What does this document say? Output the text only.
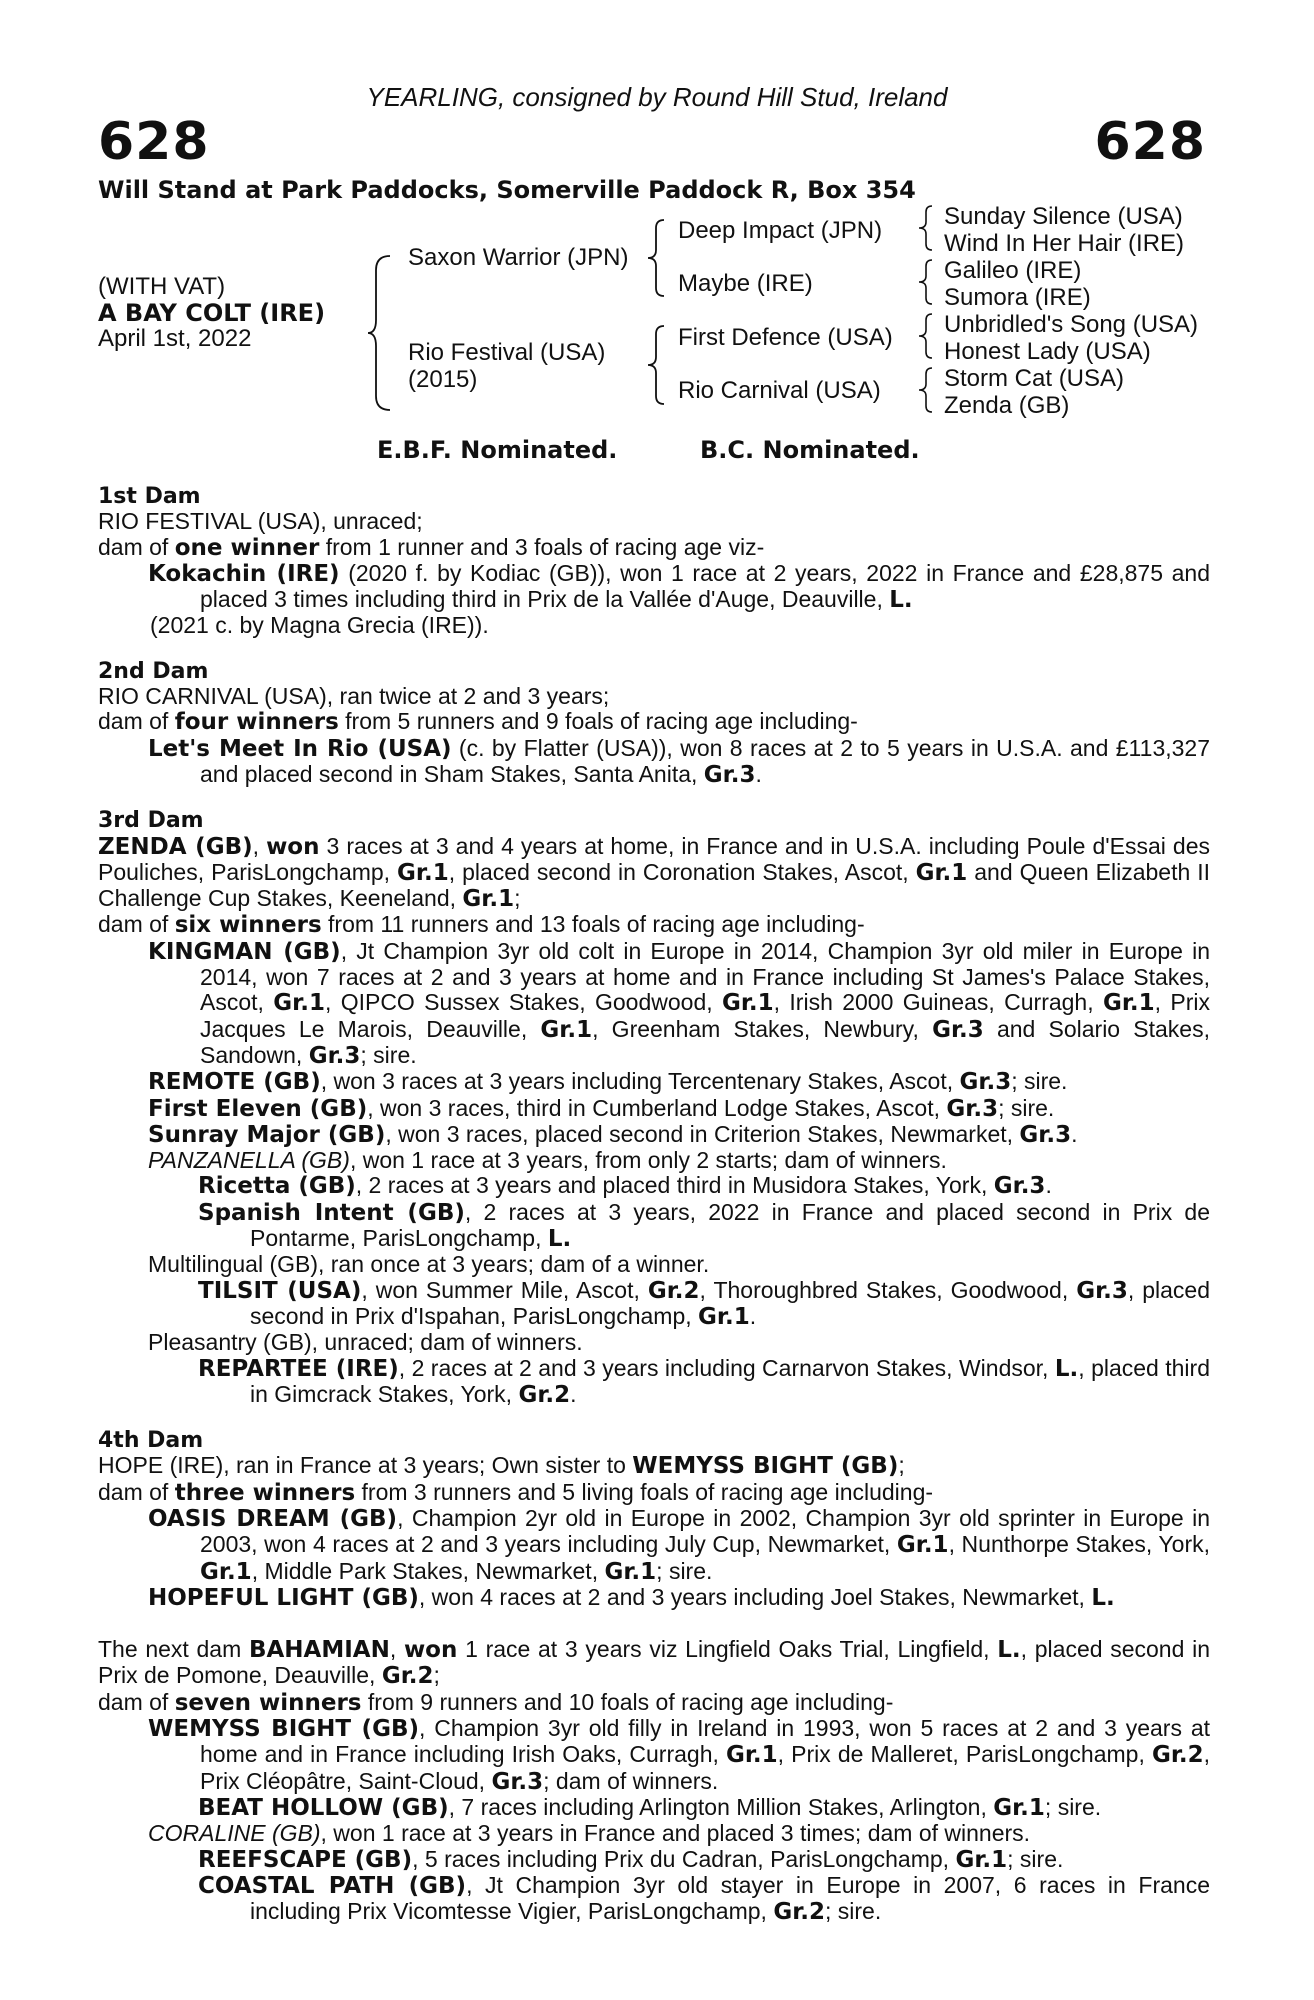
YEARLING, consigned by Round Hill Stud, Ireland
628	628
Will Stand at Park Paddocks, Somerville Paddock R, Box 354
(WITH VAT)
A BAY COLT (IRE)
April 1st, 2022
Saxon Warrior (JPN)
Rio Festival (USA)
(2015)
Deep Impact (JPN)
Maybe (IRE)
First Defence (USA)
Rio Carnival (USA)
Sunday Silence (USA)
Wind In Her Hair (IRE)
Galileo (IRE)
Sumora (IRE)
Unbridled's Song (USA)
Honest Lady (USA)
Storm Cat (USA)
Zenda (GB)
E.B.F. Nominated.	B.C. Nominated.

1st Dam

RIO FESTIVAL (USA), unraced;

dam of one winner from 1 runner and 3 foals of racing age viz-

Kokachin (IRE) (2020 f. by Kodiac (GB)), won 1 race at 2 years, 2022 in France and £28,875 and placed 3 times including third in Prix de la Vallée d'Auge, Deauville, L.

(2021 c. by Magna Grecia (IRE)).

2nd Dam

RIO CARNIVAL (USA), ran twice at 2 and 3 years;

dam of four winners from 5 runners and 9 foals of racing age including-

Let's Meet In Rio (USA) (c. by Flatter (USA)), won 8 races at 2 to 5 years in U.S.A. and £113,327 and placed second in Sham Stakes, Santa Anita, Gr.3.

3rd Dam

ZENDA (GB), won 3 races at 3 and 4 years at home, in France and in U.S.A. including Poule d'Essai des Pouliches, ParisLongchamp, Gr.1, placed second in Coronation Stakes, Ascot, Gr.1 and Queen Elizabeth II Challenge Cup Stakes, Keeneland, Gr.1;

dam of six winners from 11 runners and 13 foals of racing age including-

KINGMAN (GB), Jt Champion 3yr old colt in Europe in 2014, Champion 3yr old miler in Europe in 2014, won 7 races at 2 and 3 years at home and in France including St James's Palace Stakes, Ascot, Gr.1, QIPCO Sussex Stakes, Goodwood, Gr.1, Irish 2000 Guineas, Curragh, Gr.1, Prix Jacques Le Marois, Deauville, Gr.1, Greenham Stakes, Newbury, Gr.3 and Solario Stakes, Sandown, Gr.3; sire.

REMOTE (GB), won 3 races at 3 years including Tercentenary Stakes, Ascot, Gr.3; sire.

First Eleven (GB), won 3 races, third in Cumberland Lodge Stakes, Ascot, Gr.3; sire.

Sunray Major (GB), won 3 races, placed second in Criterion Stakes, Newmarket, Gr.3.

PANZANELLA (GB), won 1 race at 3 years, from only 2 starts; dam of winners.

Ricetta (GB), 2 races at 3 years and placed third in Musidora Stakes, York, Gr.3.

Spanish Intent (GB), 2 races at 3 years, 2022 in France and placed second in Prix de Pontarme, ParisLongchamp, L.

Multilingual (GB), ran once at 3 years; dam of a winner.

TILSIT (USA), won Summer Mile, Ascot, Gr.2, Thoroughbred Stakes, Goodwood, Gr.3, placed second in Prix d'Ispahan, ParisLongchamp, Gr.1.

Pleasantry (GB), unraced; dam of winners.

REPARTEE (IRE), 2 races at 2 and 3 years including Carnarvon Stakes, Windsor, L., placed third in Gimcrack Stakes, York, Gr.2.

4th Dam

HOPE (IRE), ran in France at 3 years; Own sister to WEMYSS BIGHT (GB);

dam of three winners from 3 runners and 5 living foals of racing age including-

OASIS DREAM (GB), Champion 2yr old in Europe in 2002, Champion 3yr old sprinter in Europe in 2003, won 4 races at 2 and 3 years including July Cup, Newmarket, Gr.1, Nunthorpe Stakes, York, Gr.1, Middle Park Stakes, Newmarket, Gr.1; sire.

HOPEFUL LIGHT (GB), won 4 races at 2 and 3 years including Joel Stakes, Newmarket, L.

The next dam BAHAMIAN, won 1 race at 3 years viz Lingfield Oaks Trial, Lingfield, L., placed second in Prix de Pomone, Deauville, Gr.2;

dam of seven winners from 9 runners and 10 foals of racing age including-

WEMYSS BIGHT (GB), Champion 3yr old filly in Ireland in 1993, won 5 races at 2 and 3 years at home and in France including Irish Oaks, Curragh, Gr.1, Prix de Malleret, ParisLongchamp, Gr.2, Prix Cléopâtre, Saint-Cloud, Gr.3; dam of winners.

BEAT HOLLOW (GB), 7 races including Arlington Million Stakes, Arlington, Gr.1; sire.

CORALINE (GB), won 1 race at 3 years in France and placed 3 times; dam of winners.

REEFSCAPE (GB), 5 races including Prix du Cadran, ParisLongchamp, Gr.1; sire.

COASTAL PATH (GB), Jt Champion 3yr old stayer in Europe in 2007, 6 races in France including Prix Vicomtesse Vigier, ParisLongchamp, Gr.2; sire.
